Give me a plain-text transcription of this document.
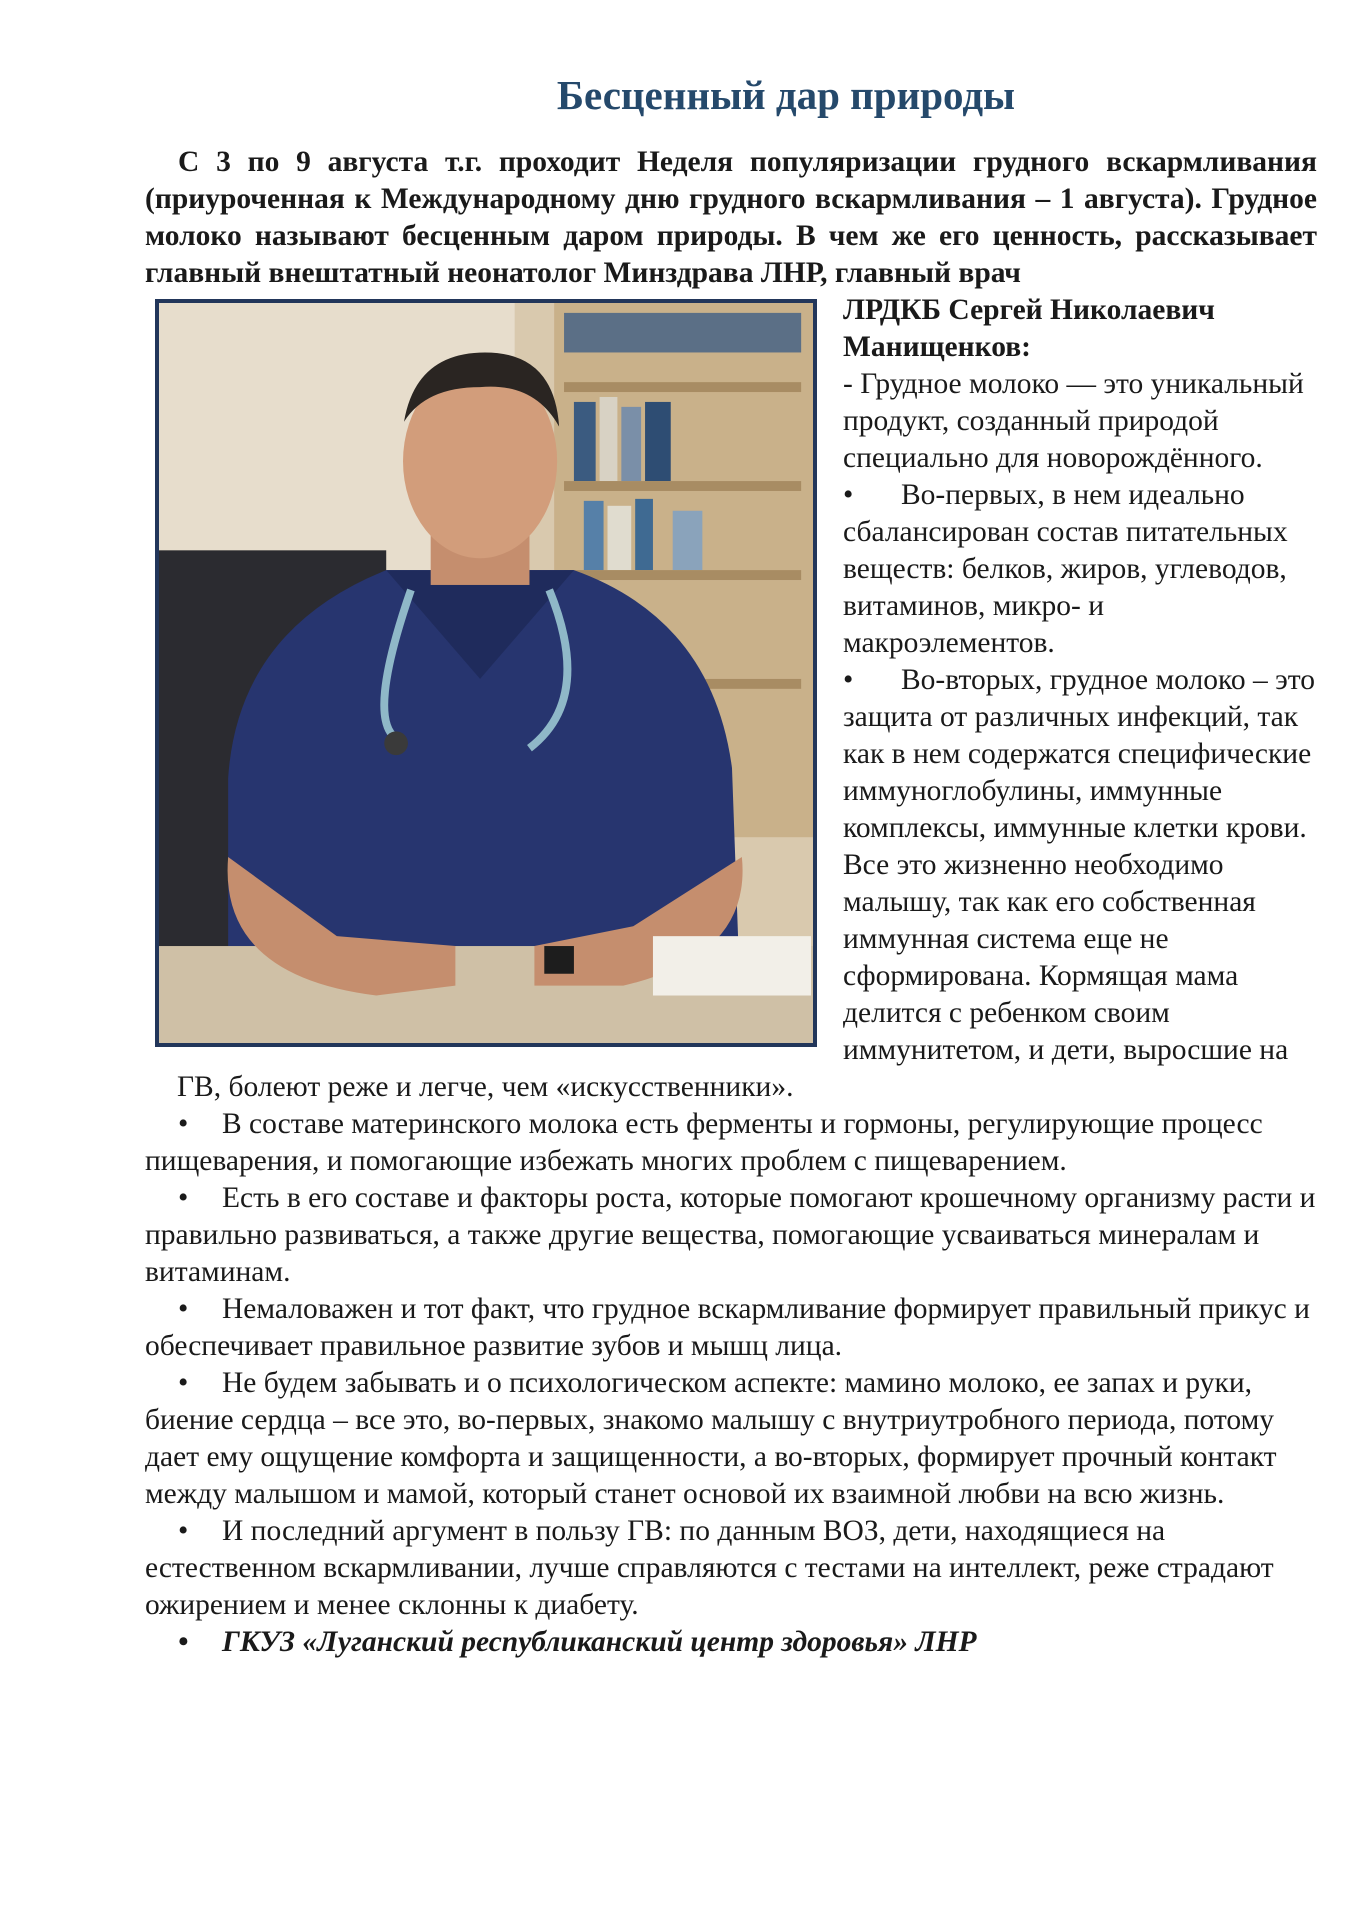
Бесценный дар природы

С 3 по 9 августа т.г. проходит Неделя популяризации грудного вскармливания (приуроченная к Международному дню грудного вскармливания – 1 августа). Грудное молоко называют бесценным даром природы. В чем же его ценность, рассказывает главный внештатный неонатолог Минздрава ЛНР, главный врач

ЛРДКБ Сергей Николаевич Манищенков:

- Грудное молоко — это уникальный продукт, созданный природой специально для новорождённого.

• Во-первых, в нем идеально сбалансирован состав питательных веществ: белков, жиров, углеводов, витаминов, микро- и макроэлементов.

• Во-вторых, грудное молоко – это защита от различных инфекций, так как в нем содержатся специфические иммуноглобулины, иммунные комплексы, иммунные клетки крови. Все это жизненно необходимо малышу, так как его собственная иммунная система еще не сформирована. Кормящая мама делится с ребенком своим иммунитетом, и дети, выросшие на ГВ, болеют реже и легче, чем «искусственники».

• В составе материнского молока есть ферменты и гормоны, регулирующие процесс пищеварения, и помогающие избежать многих проблем с пищеварением.
• Есть в его составе и факторы роста, которые помогают крошечному организму расти и правильно развиваться, а также другие вещества, помогающие усваиваться минералам и витаминам.
• Немаловажен и тот факт, что грудное вскармливание формирует правильный прикус и обеспечивает правильное развитие зубов и мышц лица.
• Не будем забывать и о психологическом аспекте: мамино молоко, ее запах и руки, биение сердца – все это, во-первых, знакомо малышу с внутриутробного периода, потому дает ему ощущение комфорта и защищенности, а во-вторых, формирует прочный контакт между малышом и мамой, который станет основой их взаимной любви на всю жизнь.
• И последний аргумент в пользу ГВ: по данным ВОЗ, дети, находящиеся на естественном вскармливании, лучше справляются с тестами на интеллект, реже страдают ожирением и менее склонны к диабету.
• ГКУЗ «Луганский республиканский центр здоровья» ЛНР
